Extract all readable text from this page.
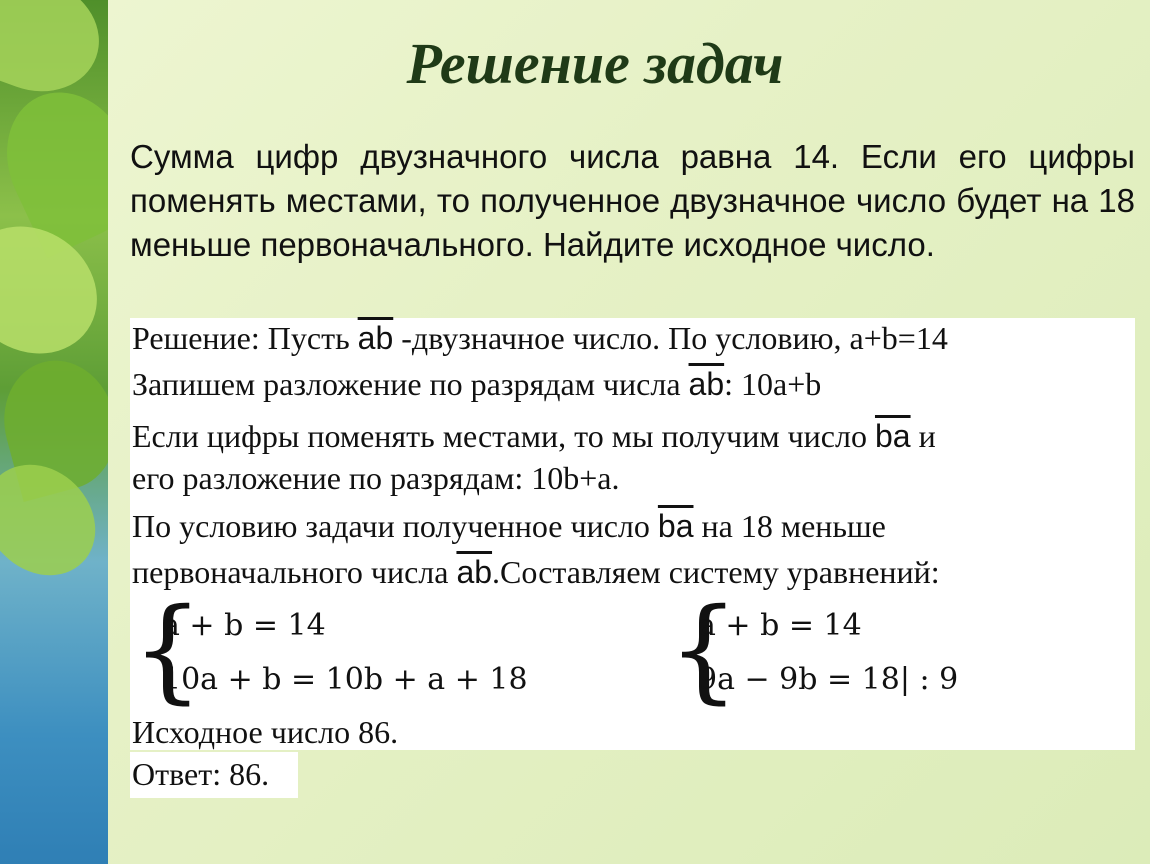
Решение задач
Сумма цифр двузначного числа равна 14. Если его цифры поменять местами, то полученное двузначное число будет на 18 меньше первоначального. Найдите исходное число.
Решение: Пусть $\overline{ab}$ -двузначное число. По условию, a+b=14
Запишем разложение по разрядам числа $\overline{ab}$: 10a+b
Если цифры поменять местами, то мы получим число $\overline{ba}$ и
его разложение по разрядам: 10b+a.
По условию задачи полученное число $\overline{ba}$ на 18 меньше
первоначального числа $\overline{ab}.Составляем$ систему уравнений:
{
a + b = 14
10a + b = 10b + a + 18 {
a + b = 14
9a − 9b = 18| : 9
Исходное число 86.
Ответ: 86.
